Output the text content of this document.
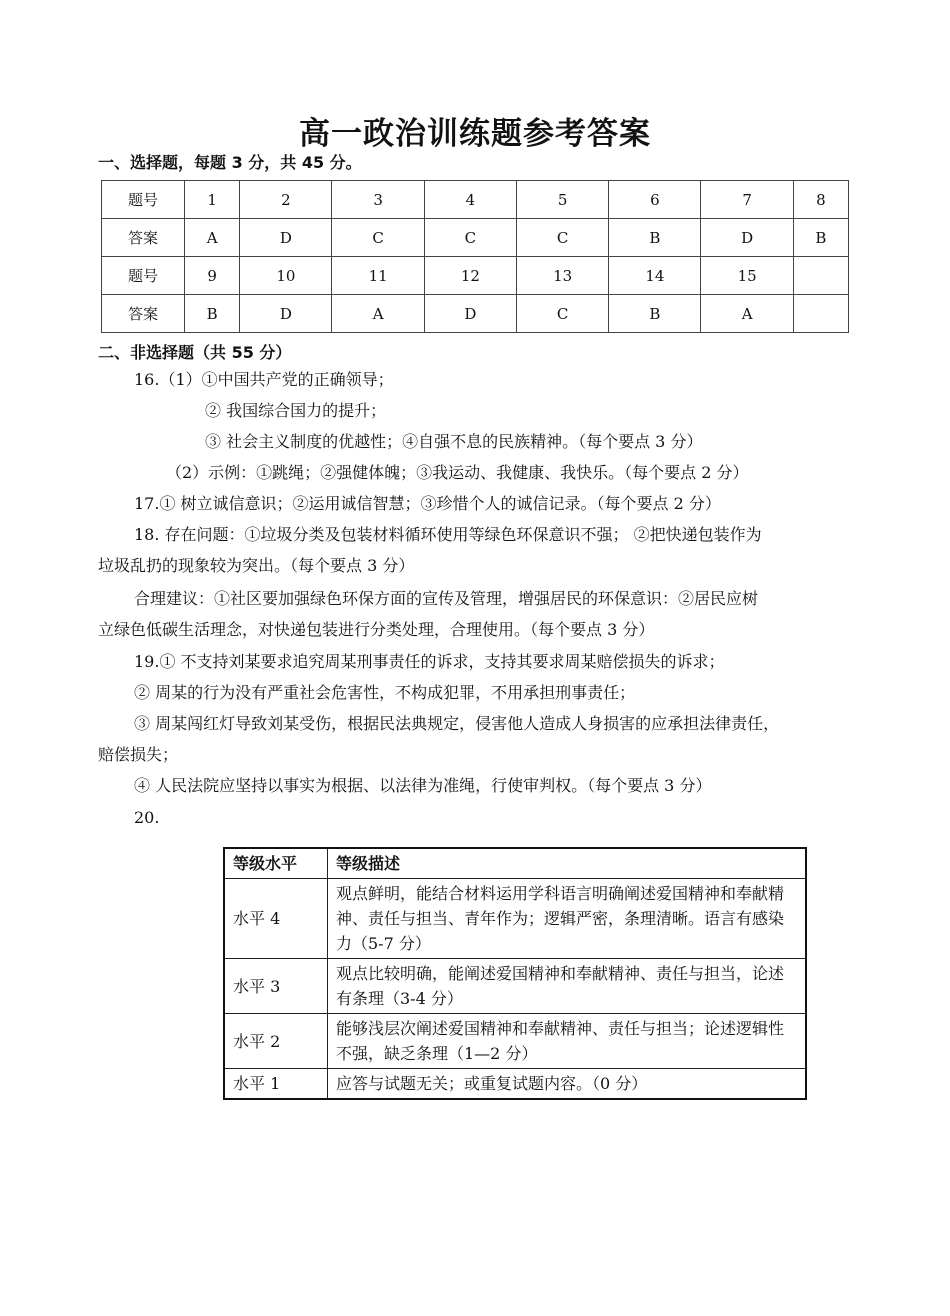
高一政治训练题参考答案
一、选择题，每题 3 分，共 45 分。
题号	1	2	3	4	5	6	7	8
答案	A	D	C	C	C	B	D	B
题号	9	10	11	12	13	14	15	
答案	B	D	A	D	C	B	A	
二、非选择题（共 55 分）
16.（1）①中国共产党的正确领导；
② 我国综合国力的提升；
③ 社会主义制度的优越性；④自强不息的民族精神。（每个要点 3 分）
（2）示例：①跳绳；②强健体魄；③我运动、我健康、我快乐。（每个要点 2 分）
17.① 树立诚信意识；②运用诚信智慧；③珍惜个人的诚信记录。（每个要点 2 分）
18. 存在问题：①垃圾分类及包装材料循环使用等绿色环保意识不强； ②把快递包装作为
垃圾乱扔的现象较为突出。（每个要点 3 分）
合理建议：①社区要加强绿色环保方面的宣传及管理，增强居民的环保意识：②居民应树
立绿色低碳生活理念，对快递包装进行分类处理，合理使用。（每个要点 3 分）
19.① 不支持刘某要求追究周某刑事责任的诉求，支持其要求周某赔偿损失的诉求；
② 周某的行为没有严重社会危害性，不构成犯罪，不用承担刑事责任；
③ 周某闯红灯导致刘某受伤，根据民法典规定，侵害他人造成人身损害的应承担法律责任，
赔偿损失；
④ 人民法院应坚持以事实为根据、以法律为准绳，行使审判权。（每个要点 3 分）
20.
等级水平	等级描述
水平 4	观点鲜明，能结合材料运用学科语言明确阐述爱国精神和奉献精神、责任与担当、青年作为；逻辑严密，条理清晰。语言有感染力（5-7 分）
水平 3	观点比较明确，能阐述爱国精神和奉献精神、责任与担当，论述有条理（3-4 分）
水平 2	能够浅层次阐述爱国精神和奉献精神、责任与担当；论述逻辑性不强，缺乏条理（1—2 分）
水平 1	应答与试题无关；或重复试题内容。（0 分）
